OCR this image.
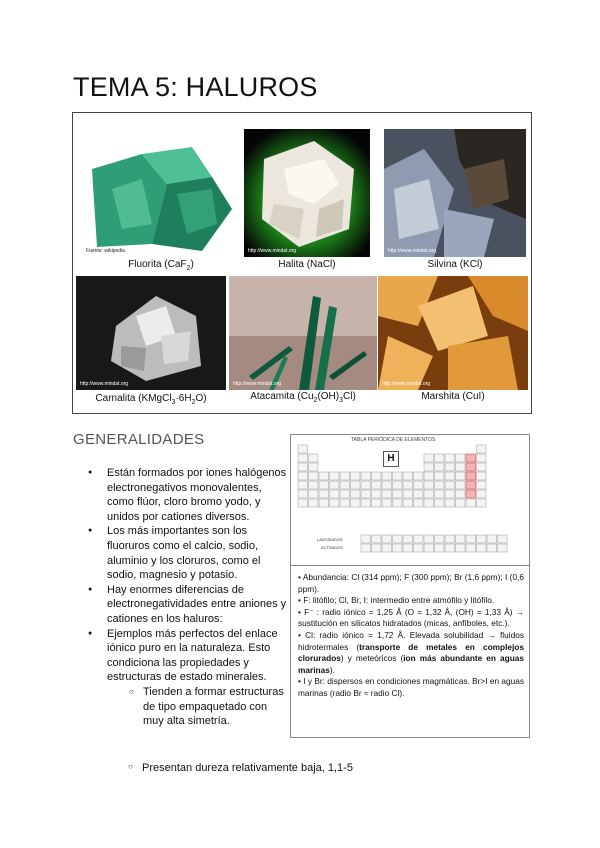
TEMA 5: HALUROS
Fuente: wikipedia	http://www.mindat.org	http://www.mindat.org
Fluorita (CaF$_2$)	Halita (NaCl)	Silvina (KCl)
http://www.mindat.org	http://www.mindat.org	http://www.mindat.org
Carnalita $(KMgCl_3\cdot 6H_2O)$	Atacamita $(Cu_2(OH)_3Cl)$	Marshita (CuI)
GENERALIDADES
● Están formados por iones halógenos electronegativos monovalentes, como flúor, cloro bromo yodo, y unidos por cationes diversos.
● Los más importantes son los fluoruros como el calcio, sodio, aluminio y los cloruros, como el sodio, magnesio y potasio.
● Hay enormes diferencias de electronegatividades entre aniones y cationes en los haluros:
● Ejemplos más perfectos del enlace iónico puro en la naturaleza. Esto condiciona las propiedades y estructuras de estado minerales.
○ Tienden a formar estructuras de tipo empaquetado con muy alta simetría.
○ Presentan dureza relativamente baja, 1,1-5
TABLA PERIÓDICA DE ELEMENTOS
LANTÁNIDOS
ACTÍNIDOS
H

• Abundancia: Cl (314 ppm); F (300 ppm); Br (1,6 ppm); I (0,6 ppm).

• F: litófilo; Cl, Br, I: intermedio entre atmófilo y litófilo.

• F⁻ : radio iónico = 1,25 Å (O = 1,32 Å, (OH) = 1,33 Å) → sustitución en silicatos hidratados (micas, anfíboles, etc.).

• Cl: radio iónico = 1,72 Å. Elevada solubilidad → fluidos hidrotermales (transporte de metales en complejos clorurados) y meteóricos (ion más abundante en aguas marinas).

• I y Br: dispersos en condiciones magmáticas. Br>I en aguas marinas (radio Br ≈ radio Cl).
